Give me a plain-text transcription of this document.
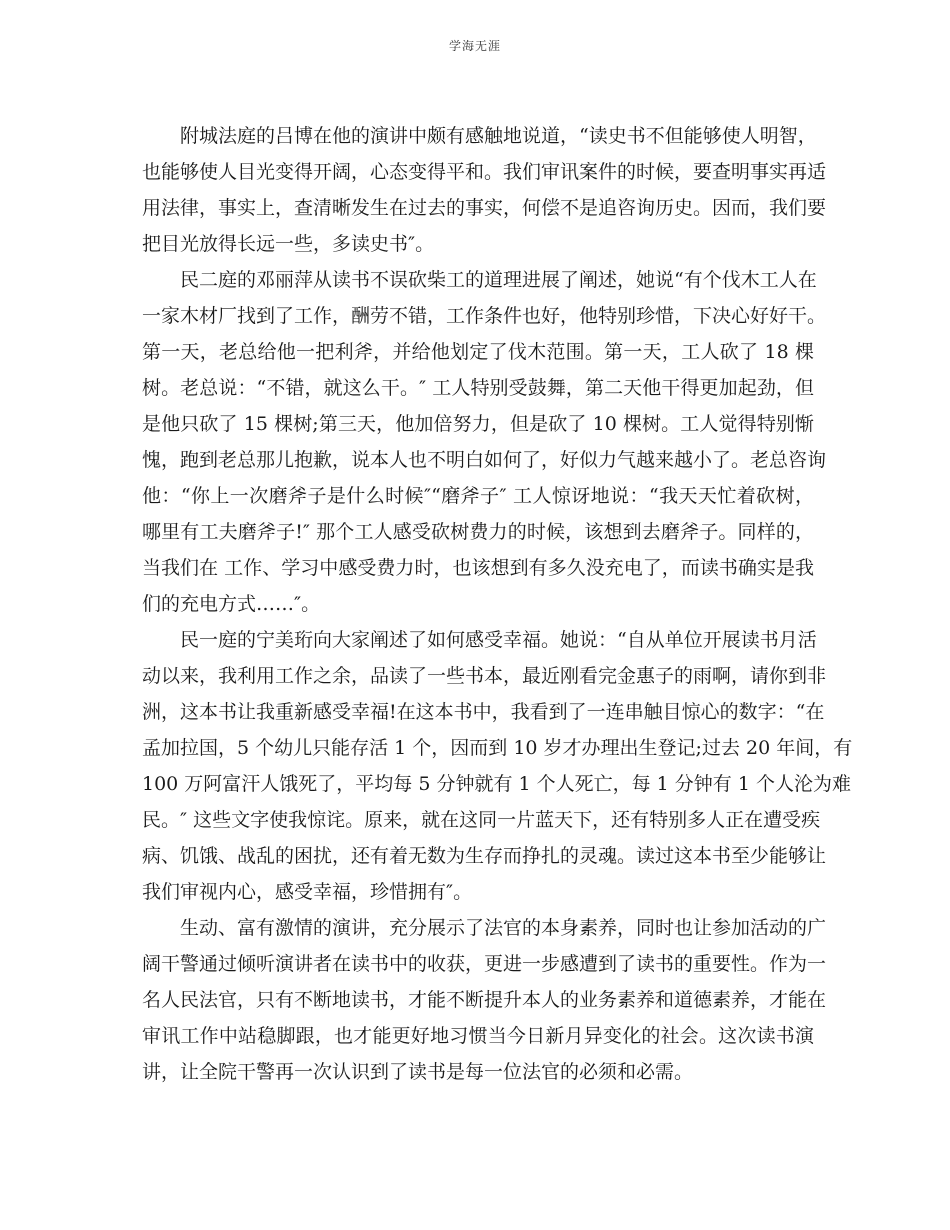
学海无涯
附城法庭的吕博在他的演讲中颇有感触地说道，“读史书不但能够使人明智，
也能够使人目光变得开阔，心态变得平和。我们审讯案件的时候，要查明事实再适
用法律，事实上，查清晰发生在过去的事实，何偿不是追咨询历史。因而，我们要
把目光放得长远一些，多读史书″。
民二庭的邓丽萍从读书不误砍柴工的道理进展了阐述，她说“有个伐木工人在
一家木材厂找到了工作，酬劳不错，工作条件也好，他特别珍惜，下决心好好干。
第一天，老总给他一把利斧，并给他划定了伐木范围。第一天，工人砍了 18 棵
树。老总说：“不错，就这么干。″ 工人特别受鼓舞，第二天他干得更加起劲，但
是他只砍了 15 棵树;第三天，他加倍努力，但是砍了 10 棵树。工人觉得特别惭
愧，跑到老总那儿抱歉，说本人也不明白如何了，好似力气越来越小了。老总咨询
他：“你上一次磨斧子是什么时候″“磨斧子″ 工人惊讶地说：“我天天忙着砍树，
哪里有工夫磨斧子!″ 那个工人感受砍树费力的时候，该想到去磨斧子。同样的，
当我们在 工作、学习中感受费力时，也该想到有多久没充电了，而读书确实是我
们的充电方式……″。
民一庭的宁美珩向大家阐述了如何感受幸福。她说：“自从单位开展读书月活
动以来，我利用工作之余，品读了一些书本，最近刚看完金惠子的雨啊，请你到非
洲，这本书让我重新感受幸福!在这本书中，我看到了一连串触目惊心的数字：“在
孟加拉国，5 个幼儿只能存活 1 个，因而到 10 岁才办理出生登记;过去 20 年间，有
100 万阿富汗人饿死了，平均每 5 分钟就有 1 个人死亡，每 1 分钟有 1 个人沦为难
民。″ 这些文字使我惊诧。原来，就在这同一片蓝天下，还有特别多人正在遭受疾
病、饥饿、战乱的困扰，还有着无数为生存而挣扎的灵魂。读过这本书至少能够让
我们审视内心，感受幸福，珍惜拥有″。
生动、富有激情的演讲，充分展示了法官的本身素养，同时也让参加活动的广
阔干警通过倾听演讲者在读书中的收获，更进一步感遭到了读书的重要性。作为一
名人民法官，只有不断地读书，才能不断提升本人的业务素养和道德素养，才能在
审讯工作中站稳脚跟，也才能更好地习惯当今日新月异变化的社会。这次读书演
讲，让全院干警再一次认识到了读书是每一位法官的必须和必需。
